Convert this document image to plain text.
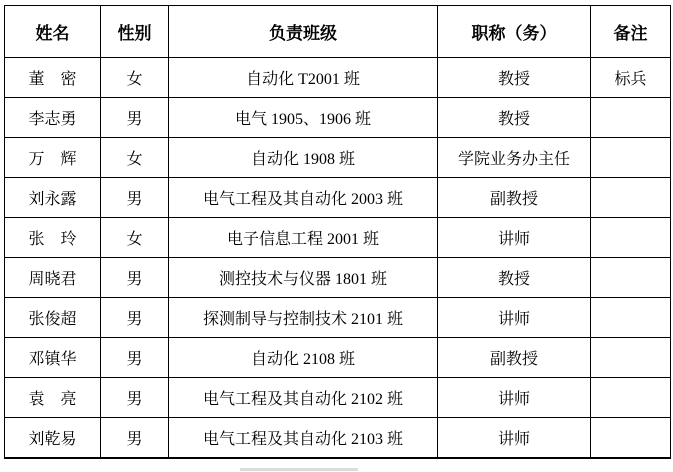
姓名	性别	负责班级	职称（务）	备注
董　密	女	自动化 T2001 班	教授	标兵
李志勇	男	电气 1905、1906 班	教授	
万　辉	女	自动化 1908 班	学院业务办主任	
刘永露	男	电气工程及其自动化 2003 班	副教授	
张　玲	女	电子信息工程 2001 班	讲师	
周晓君	男	测控技术与仪器 1801 班	教授	
张俊超	男	探测制导与控制技术 2101 班	讲师	
邓镇华	男	自动化 2108 班	副教授	
袁　亮	男	电气工程及其自动化 2102 班	讲师	
刘乾易	男	电气工程及其自动化 2103 班	讲师	
